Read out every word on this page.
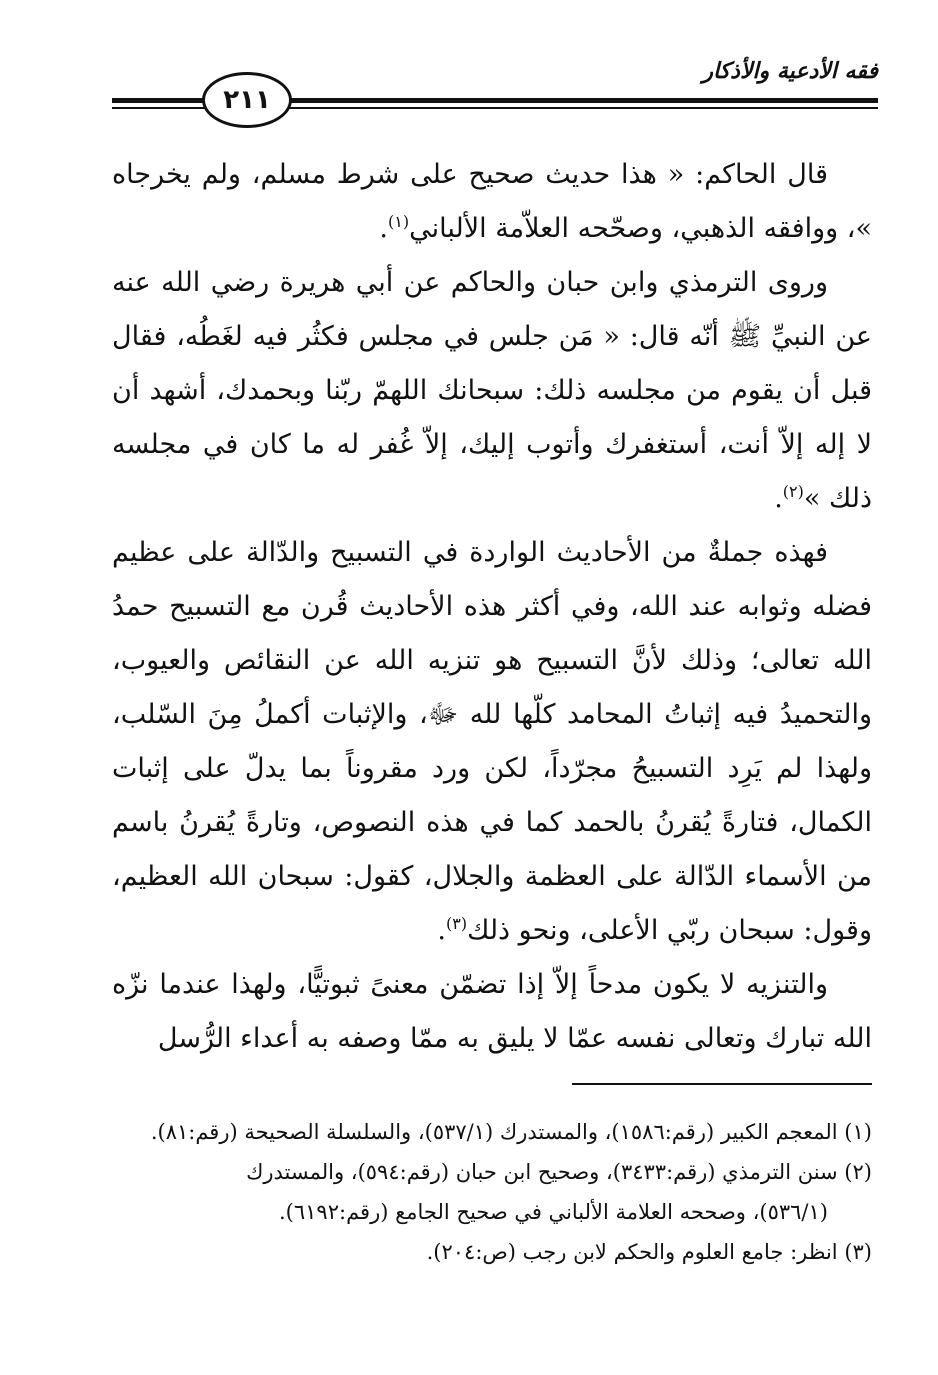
فقه الأدعية والأذكار
٢١١

قال الحاكم: « هذا حديث صحيح على شرط مسلم، ولم يخرجاه »، ووافقه الذهبي، وصحّحه العلاّمة الألباني$^{(١)}$.

وروى الترمذي وابن حبان والحاكم عن أبي هريرة رضي الله عنه عن النبيِّ ﷺ أنّه قال: « مَن جلس في مجلس فكثُر فيه لغَطُه، فقال قبل أن يقوم من مجلسه ذلك: سبحانك اللهمّ ربّنا وبحمدك، أشهد أن لا إله إلاّ أنت، أستغفرك وأتوب إليك، إلاّ غُفر له ما كان في مجلسه ذلك »$^{(٢)}$.

فهذه جملةٌ من الأحاديث الواردة في التسبيح والدّالة على عظيم فضله وثوابه عند الله، وفي أكثر هذه الأحاديث قُرن مع التسبيح حمدُ الله تعالى؛ وذلك لأنَّ التسبيح هو تنزيه الله عن النقائص والعيوب، والتحميدُ فيه إثباتُ المحامد كلّها لله ﷻ، والإثبات أكملُ مِنَ السّلب، ولهذا لم يَرِد التسبيحُ مجرّداً، لكن ورد مقروناً بما يدلّ على إثبات الكمال، فتارةً يُقرنُ بالحمد كما في هذه النصوص، وتارةً يُقرنُ باسم من الأسماء الدّالة على العظمة والجلال، كقول: سبحان الله العظيم، وقول: سبحان ربّي الأعلى، ونحو ذلك$^{(٣)}$.

والتنزيه لا يكون مدحاً إلاّ إذا تضمّن معنىً ثبوتيًّا، ولهذا عندما نزّه الله تبارك وتعالى نفسه عمّا لا يليق به ممّا وصفه به أعداء الرُّسل

(١) المعجم الكبير (رقم:١٥٨٦)، والمستدرك (٥٣٧/١)، والسلسلة الصحيحة (رقم:٨١).

(٢) سنن الترمذي (رقم:٣٤٣٣)، وصحيح ابن حبان (رقم:٥٩٤)، والمستدرك

(٥٣٦/١)، وصححه العلامة الألباني في صحيح الجامع (رقم:٦١٩٢).

(٣) انظر: جامع العلوم والحكم لابن رجب (ص:٢٠٤).
